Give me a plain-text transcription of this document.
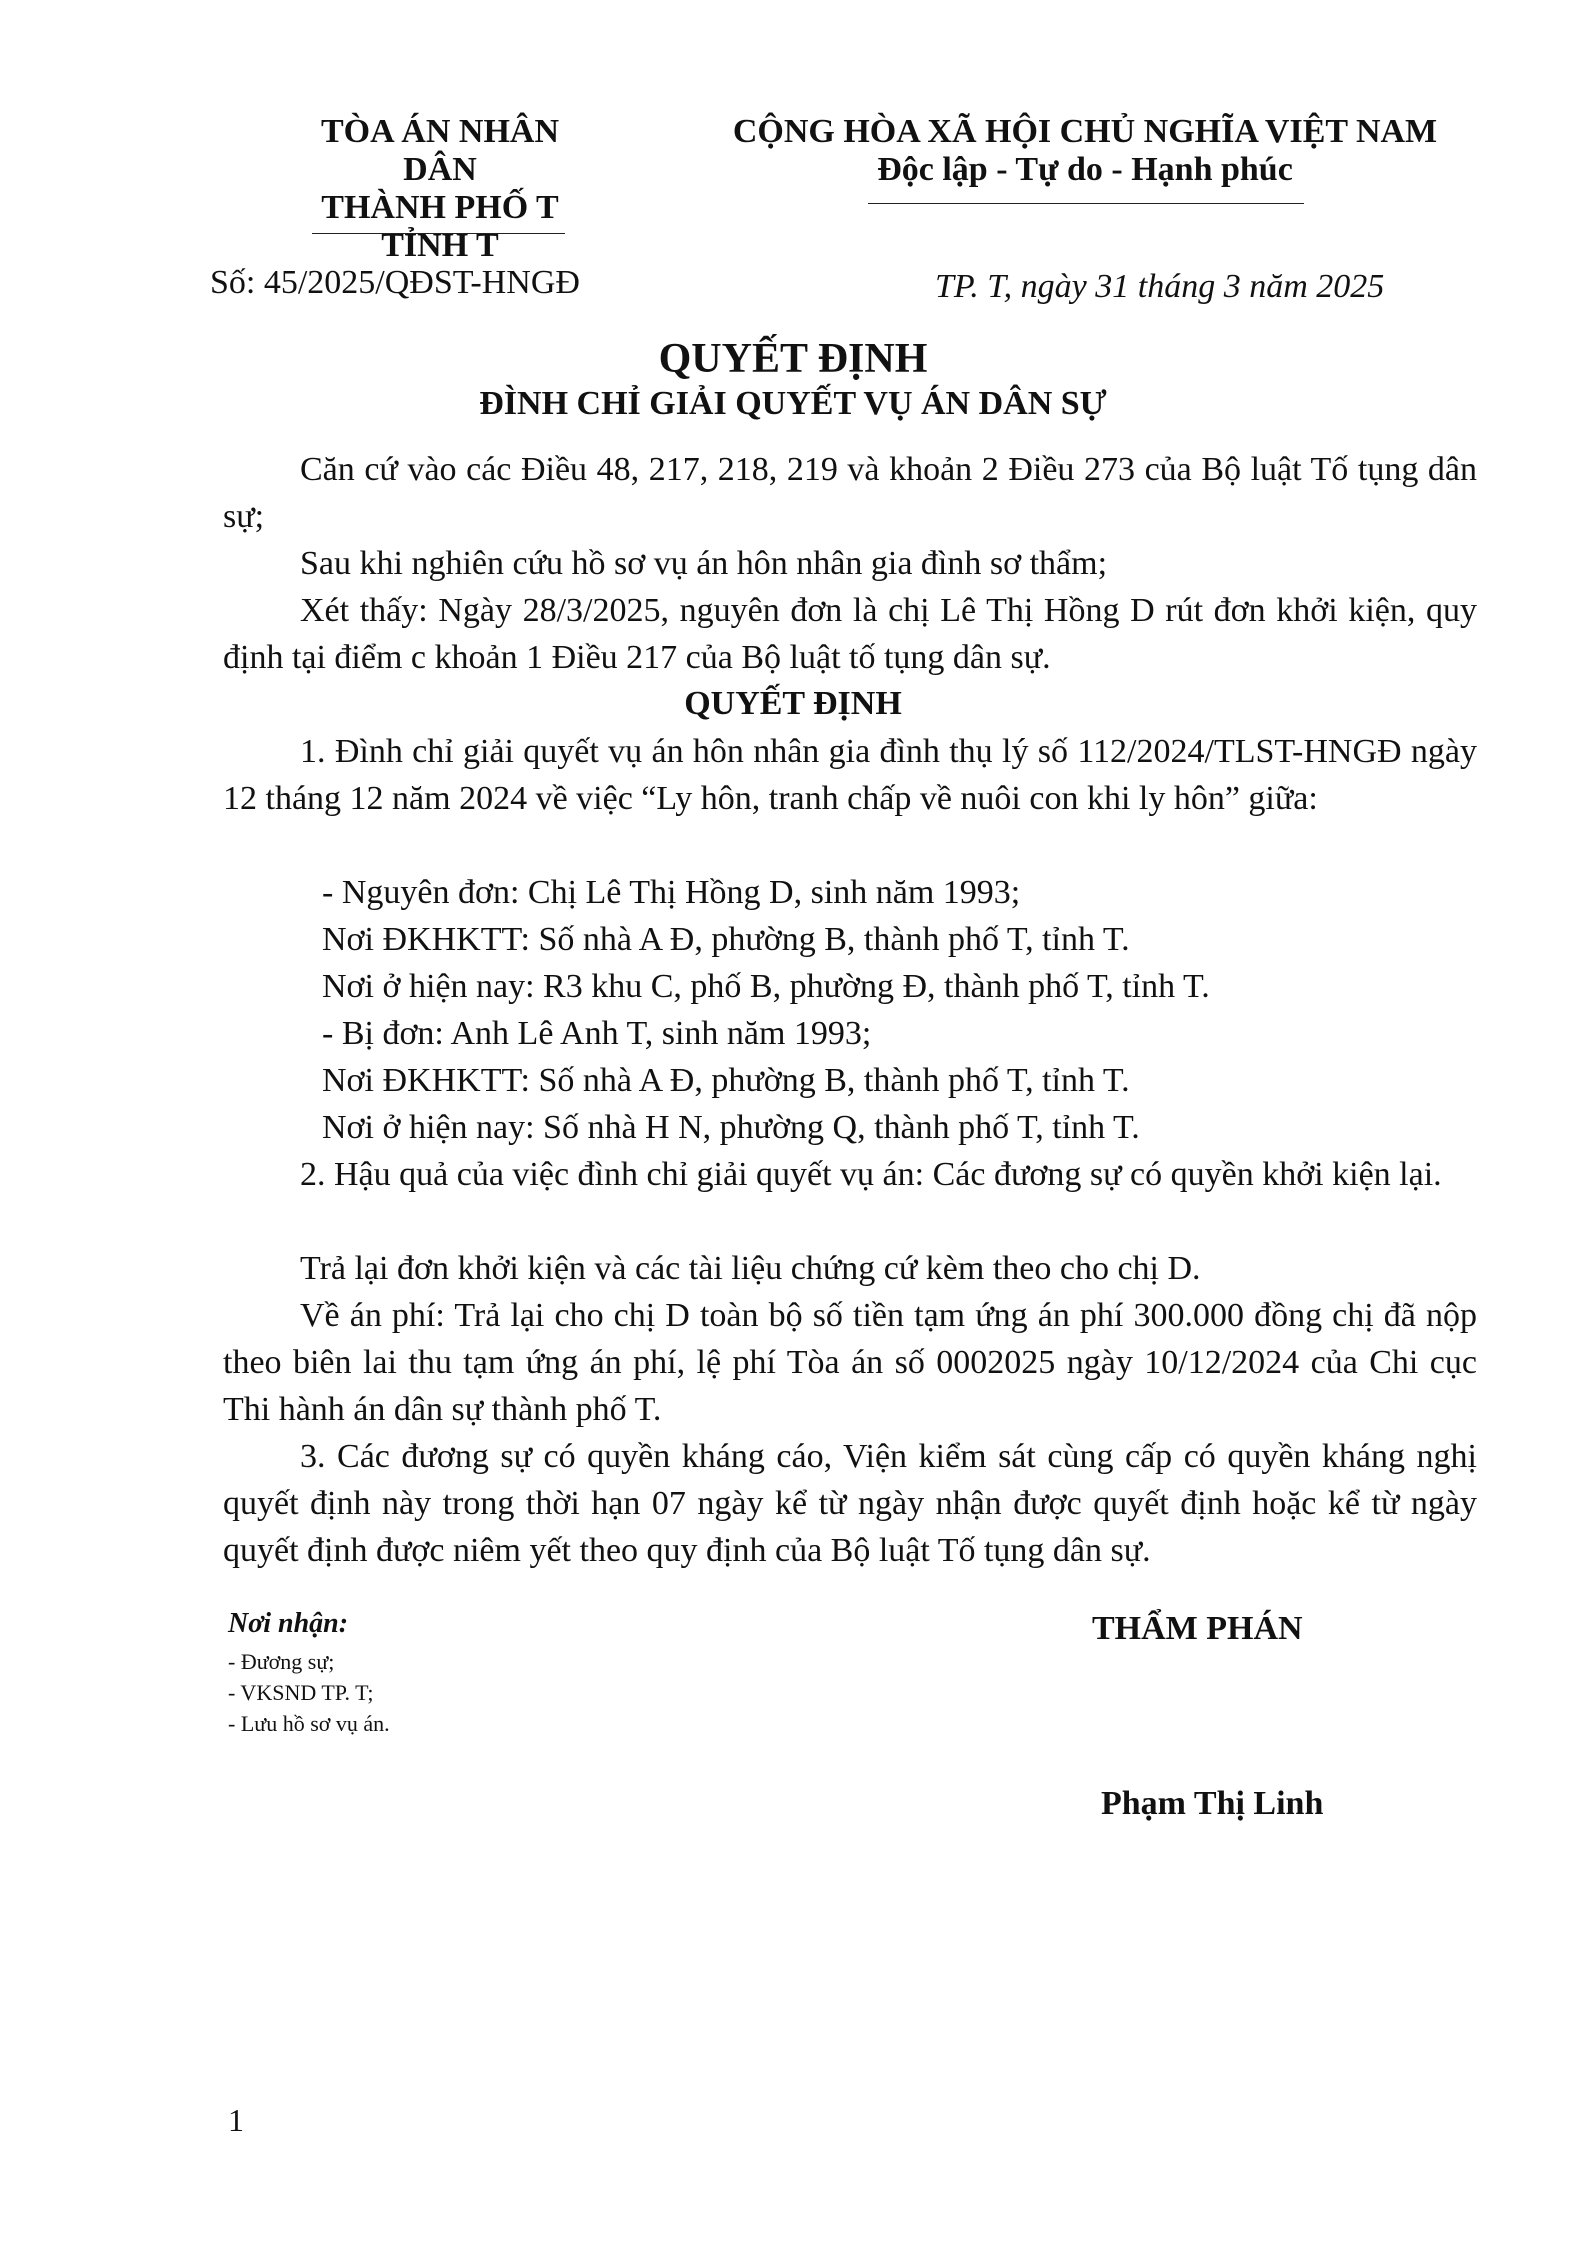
TÒA ÁN NHÂN DÂN
THÀNH PHỐ T
TỈNH T
CỘNG HÒA XÃ HỘI CHỦ NGHĨA VIỆT NAM
Độc lập - Tự do - Hạnh phúc
Số: 45/2025/QĐST-HNGĐ	TP. T, ngày 31 tháng 3 năm 2025
QUYẾT ĐỊNH
ĐÌNH CHỈ GIẢI QUYẾT VỤ ÁN DÂN SỰ
Căn cứ vào các Điều 48, 217, 218, 219 và khoản 2 Điều 273 của Bộ luật Tố tụng dân sự;
Sau khi nghiên cứu hồ sơ vụ án hôn nhân gia đình sơ thẩm;
Xét thấy: Ngày 28/3/2025, nguyên đơn là chị Lê Thị Hồng D rút đơn khởi kiện, quy định tại điểm c khoản 1 Điều 217 của Bộ luật tố tụng dân sự.
QUYẾT ĐỊNH
1. Đình chỉ giải quyết vụ án hôn nhân gia đình thụ lý số 112/2024/TLST-HNGĐ ngày 12 tháng 12 năm 2024 về việc “Ly hôn, tranh chấp về nuôi con khi ly hôn” giữa:
- Nguyên đơn: Chị Lê Thị Hồng D, sinh năm 1993;
Nơi ĐKHKTT: Số nhà A Đ, phường B, thành phố T, tỉnh T.
Nơi ở hiện nay: R3 khu C, phố B, phường Đ, thành phố T, tỉnh T.
- Bị đơn: Anh Lê Anh T, sinh năm 1993;
Nơi ĐKHKTT: Số nhà A Đ, phường B, thành phố T, tỉnh T.
Nơi ở hiện nay: Số nhà H N, phường Q, thành phố T, tỉnh T.
2. Hậu quả của việc đình chỉ giải quyết vụ án: Các đương sự có quyền khởi kiện lại.
Trả lại đơn khởi kiện và các tài liệu chứng cứ kèm theo cho chị D.
Về án phí: Trả lại cho chị D toàn bộ số tiền tạm ứng án phí 300.000 đồng chị đã nộp theo biên lai thu tạm ứng án phí, lệ phí Tòa án số 0002025 ngày 10/12/2024 của Chi cục Thi hành án dân sự thành phố T.
3. Các đương sự có quyền kháng cáo, Viện kiểm sát cùng cấp có quyền kháng nghị quyết định này trong thời hạn 07 ngày kể từ ngày nhận được quyết định hoặc kể từ ngày quyết định được niêm yết theo quy định của Bộ luật Tố tụng dân sự.
Nơi nhận:
- Đương sự;
- VKSND TP. T;
- Lưu hồ sơ vụ án.
THẨM PHÁN
Phạm Thị Linh
1
